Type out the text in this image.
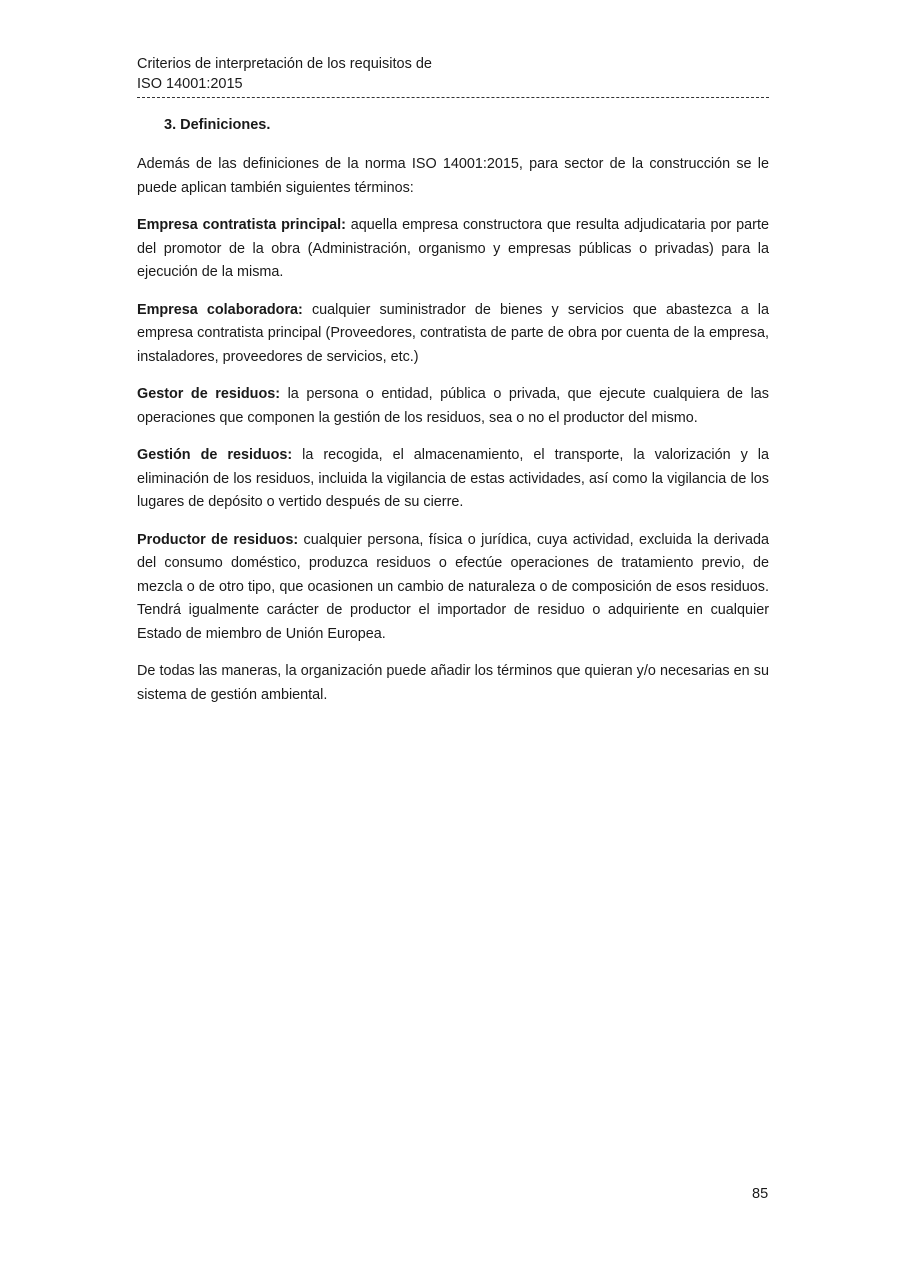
Criterios de interpretación de los requisitos de
ISO 14001:2015
3. Definiciones.

Además de las definiciones de la norma ISO 14001:2015, para sector de la construcción se le puede aplican también siguientes términos:

Empresa contratista principal: aquella empresa constructora que resulta adjudicataria por parte del promotor de la obra (Administración, organismo y empresas públicas o privadas) para la ejecución de la misma.

Empresa colaboradora: cualquier suministrador de bienes y servicios que abastezca a la empresa contratista principal (Proveedores, contratista de parte de obra por cuenta de la empresa, instaladores, proveedores de servicios, etc.)

Gestor de residuos: la persona o entidad, pública o privada, que ejecute cualquiera de las operaciones que componen la gestión de los residuos, sea o no el productor del mismo.

Gestión de residuos: la recogida, el almacenamiento, el transporte, la valorización y la eliminación de los residuos, incluida la vigilancia de estas actividades, así como la vigilancia de los lugares de depósito o vertido después de su cierre.

Productor de residuos: cualquier persona, física o jurídica, cuya actividad, excluida la derivada del consumo doméstico, produzca residuos o efectúe operaciones de tratamiento previo, de mezcla o de otro tipo, que ocasionen un cambio de naturaleza o de composición de esos residuos. Tendrá igualmente carácter de productor el importador de residuo o adquiriente en cualquier Estado de miembro de Unión Europea.

De todas las maneras, la organización puede añadir los términos que quieran y/o necesarias en su sistema de gestión ambiental.

85
